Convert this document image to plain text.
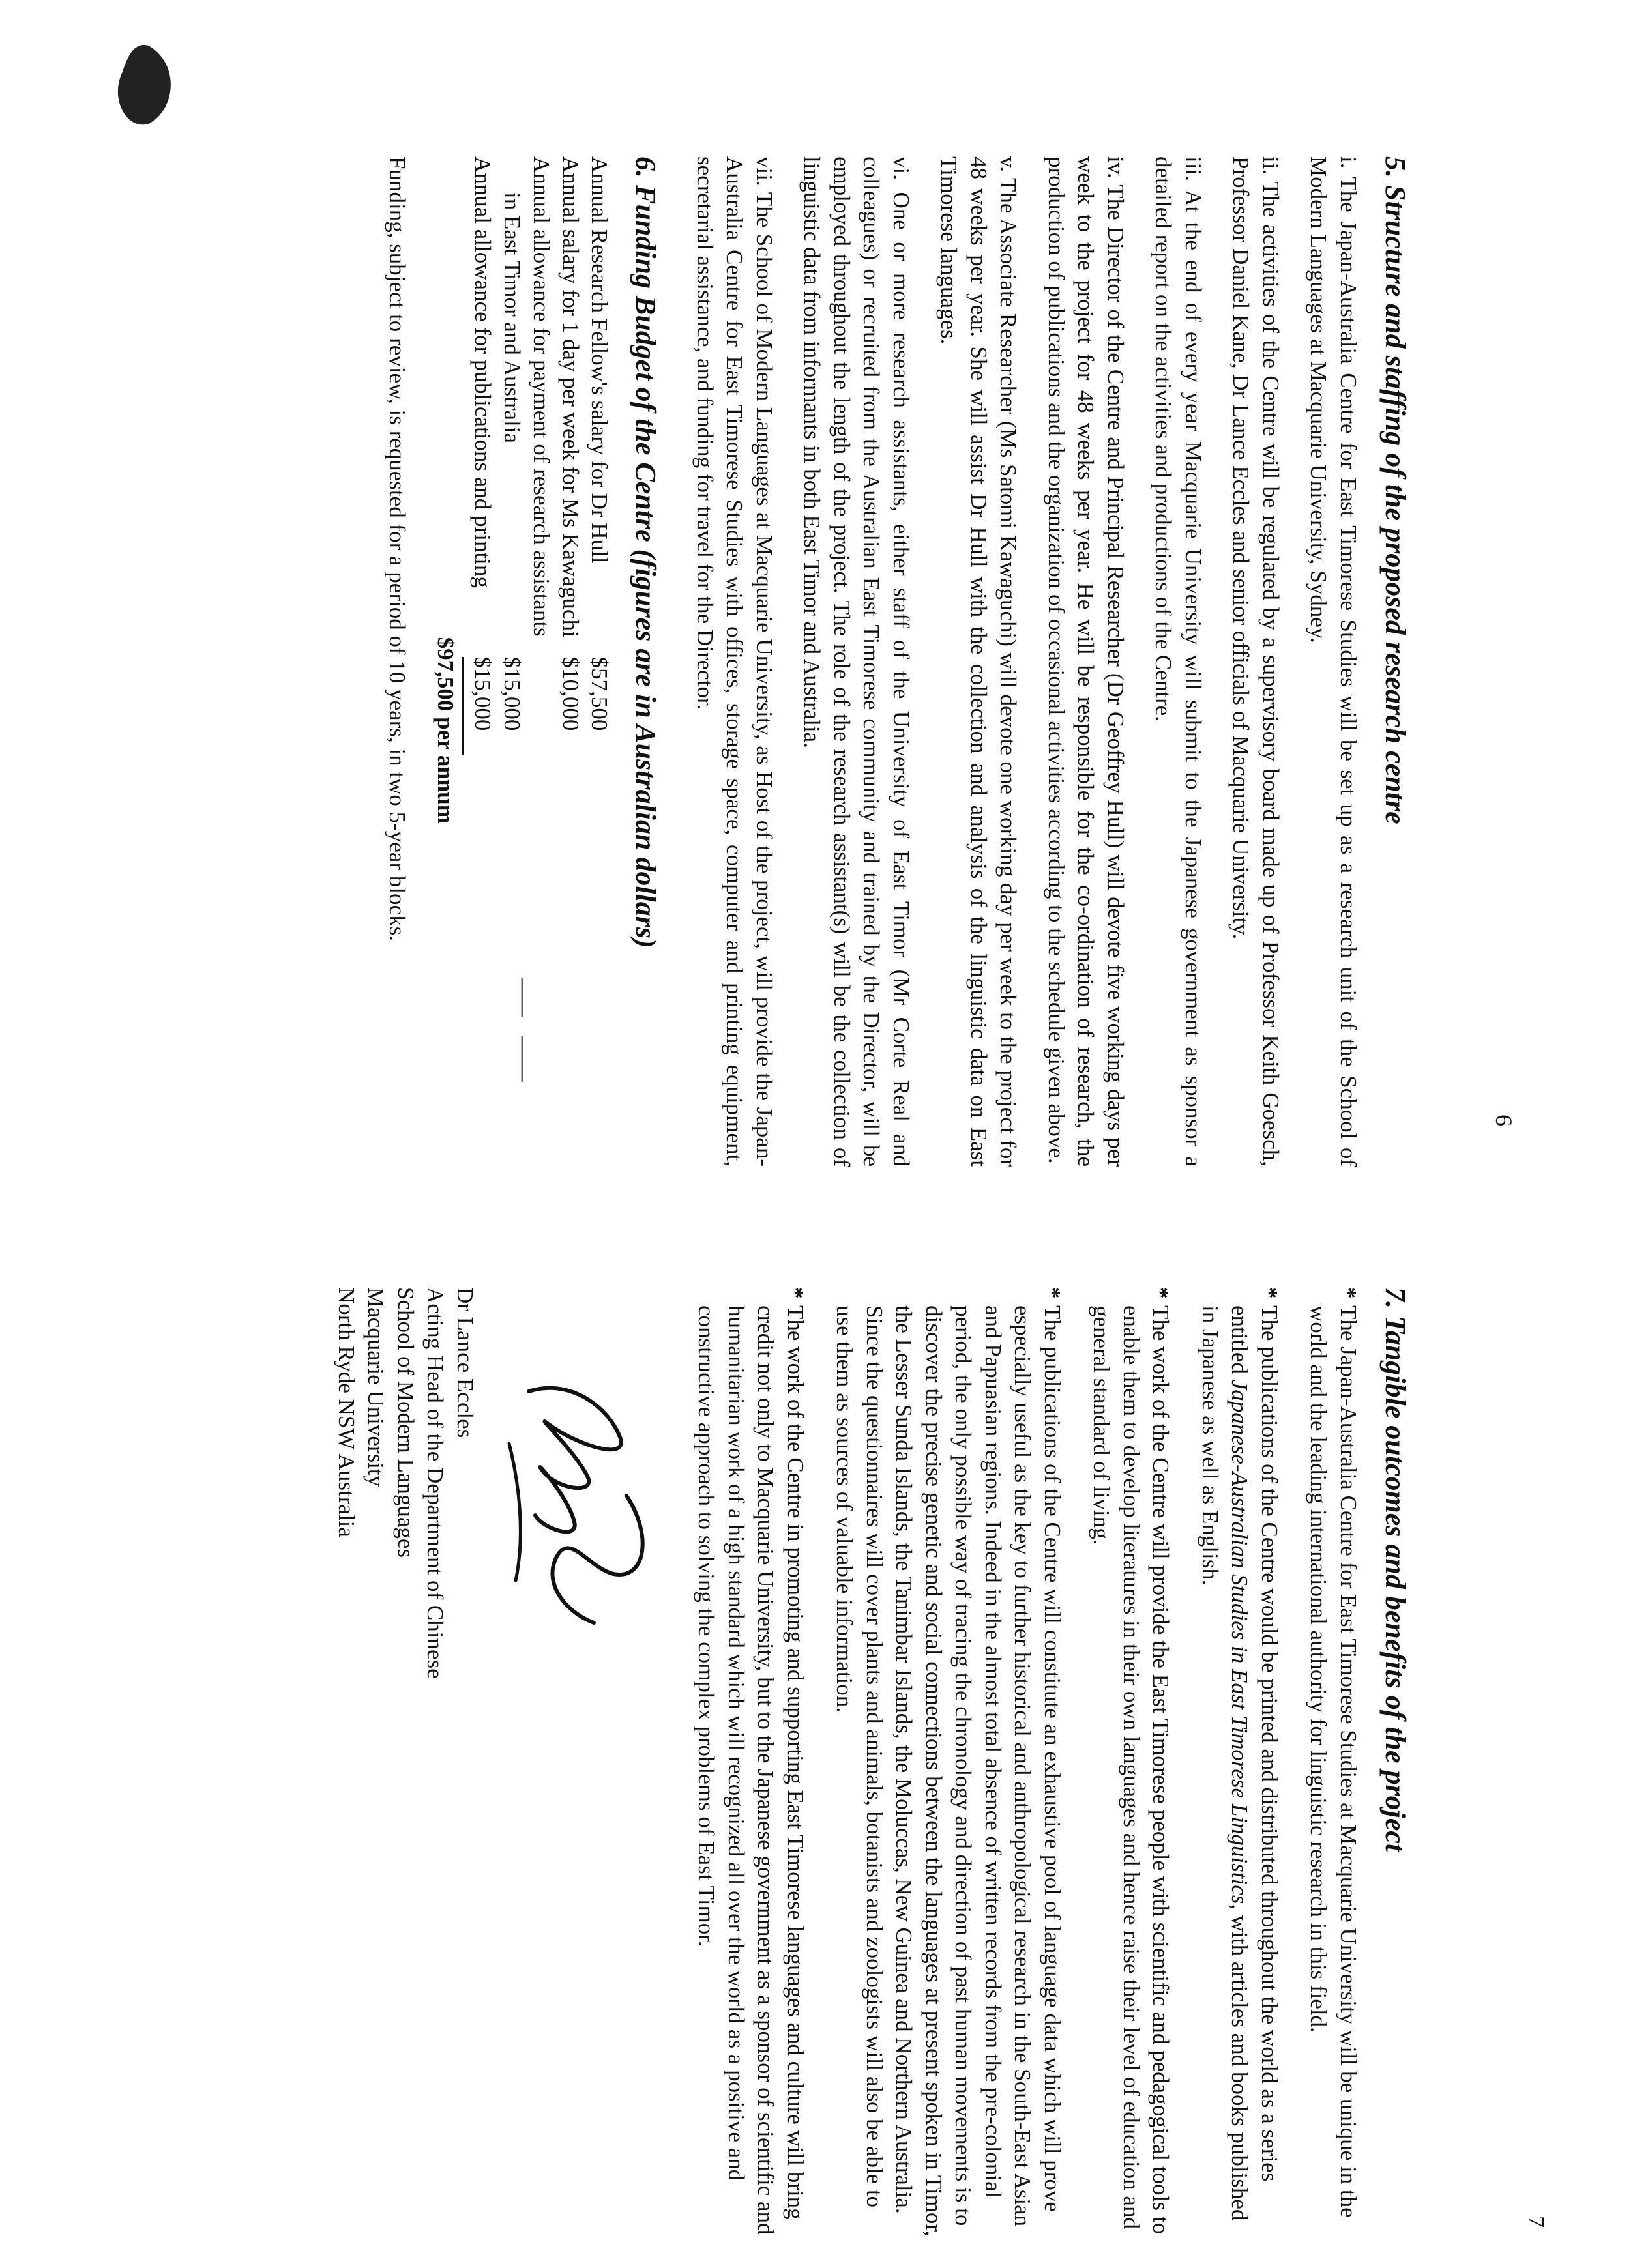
6
7
5. Structure and staffing of the proposed research centre

i. The Japan-Australia Centre for East Timorese Studies will be set up as a research unit of the School of Modern Languages at Macquarie University, Sydney.

ii. The activities of the Centre will be regulated by a supervisory board made up of Professor Keith Goesch, Professor Daniel Kane, Dr Lance Eccles and senior officials of Macquarie University.

iii. At the end of every year Macquarie University will submit to the Japanese government as sponsor a detailed report on the activities and productions of the Centre.

iv. The Director of the Centre and Principal Researcher (Dr Geoffrey Hull) will devote five working days per week to the project for 48 weeks per year. He will be responsible for the co-ordination of research, the production of publications and the organization of occasional activities according to the schedule given above.

v. The Associate Researcher (Ms Satomi Kawaguchi) will devote one working day per week to the project for 48 weeks per year. She will assist Dr Hull with the collection and analysis of the linguistic data on East Timorese languages.

vi. One or more research assistants, either staff of the University of East Timor (Mr Corte Real and colleagues) or recruited from the Australian East Timorese community and trained by the Director, will be employed throughout the length of the project. The role of the research assistant(s) will be the collection of linguistic data from informants in both East Timor and Australia.

vii. The School of Modern Languages at Macquarie University, as Host of the project, will provide the Japan-Australia Centre for East Timorese Studies with offices, storage space, computer and printing equipment, secretarial assistance, and funding for travel for the Director.

6. Funding Budget of the Centre (figures are in Australian dollars)
Annual Research Fellow's salary for Dr Hull	$57,500
Annual salary for 1 day per week for Ms Kawaguchi	$10,000
Annual allowance for payment of research assistants	
in East Timor and Australia	$15,000
Annual allowance for publications and printing	$15,000

	$97,500 per annum

Funding, subject to review, is requested for a period of 10 years, in two 5-year blocks.

7. Tangible outcomes and benefits of the project
*
The Japan-Australia Centre for East Timorese Studies at Macquarie University will be unique in the world and the leading international authority for linguistic research in this field.
*
The publications of the Centre would be printed and distributed throughout the world as a series entitled Japanese-Australian Studies in East Timorese Linguistics, with articles and books published in Japanese as well as English.
*
The work of the Centre will provide the East Timorese people with scientific and pedagogical tools to enable them to develop literatures in their own languages and hence raise their level of education and general standard of living.
*
The publications of the Centre will constitute an exhaustive pool of language data which will prove especially useful as the key to further historical and anthropological research in the South-East Asian and Papuasian regions. Indeed in the almost total absence of written records from the pre-colonial period, the only possible way of tracing the chronology and direction of past human movements is to discover the precise genetic and social connections between the languages at present spoken in Timor, the Lesser Sunda Islands, the Tanimbar Islands, the Moluccas, New Guinea and Northern Australia. Since the questionnaires will cover plants and animals, botanists and zoologists will also be able to use them as sources of valuable information.
*
The work of the Centre in promoting and supporting East Timorese languages and culture will bring credit not only to Macquarie University, but to the Japanese government as a sponsor of scientific and humanitarian work of a high standard which will recognized all over the world as a positive and constructive approach to solving the complex problems of East Timor.
Dr Lance Eccles
Acting Head of the Department of Chinese
School of Modern Languages
Macquarie University
North Ryde NSW Australia
